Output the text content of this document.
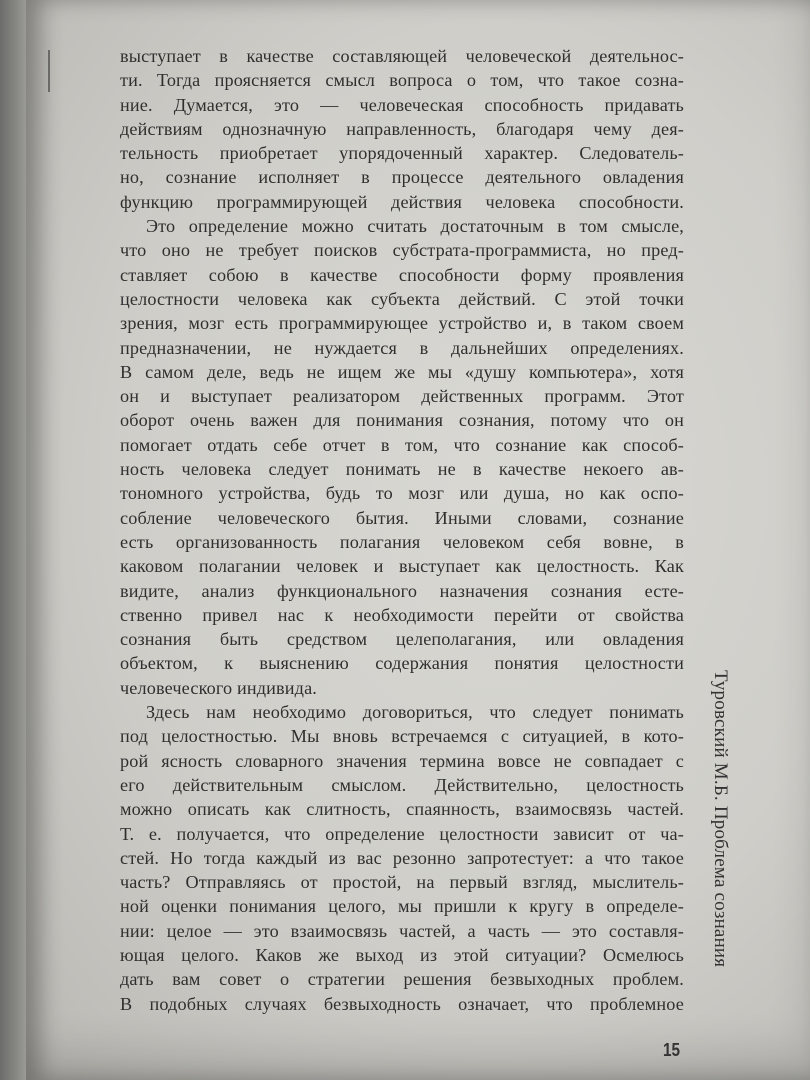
выступает в качестве составляющей человеческой деятельнос-
ти. Тогда проясняется смысл вопроса о том, что такое созна-
ние. Думается, это — человеческая способность придавать
действиям однозначную направленность, благодаря чему дея-
тельность приобретает упорядоченный характер. Следователь-
но, сознание исполняет в процессе деятельного овладения
функцию программирующей действия человека способности.
Это определение можно считать достаточным в том смысле,
что оно не требует поисков субстрата-программиста, но пред-
ставляет собою в качестве способности форму проявления
целостности человека как субъекта действий. С этой точки
зрения, мозг есть программирующее устройство и, в таком своем
предназначении, не нуждается в дальнейших определениях.
В самом деле, ведь не ищем же мы «душу компьютера», хотя
он и выступает реализатором действенных программ. Этот
оборот очень важен для понимания сознания, потому что он
помогает отдать себе отчет в том, что сознание как способ-
ность человека следует понимать не в качестве некоего ав-
тономного устройства, будь то мозг или душа, но как оспо-
собление человеческого бытия. Иными словами, сознание
есть организованность полагания человеком себя вовне, в
каковом полагании человек и выступает как целостность. Как
видите, анализ функционального назначения сознания есте-
ственно привел нас к необходимости перейти от свойства
сознания быть средством целеполагания, или овладения
объектом, к выяснению содержания понятия целостности
человеческого индивида.
Здесь нам необходимо договориться, что следует понимать
под целостностью. Мы вновь встречаемся с ситуацией, в кото-
рой ясность словарного значения термина вовсе не совпадает с
его действительным смыслом. Действительно, целостность
можно описать как слитность, спаянность, взаимосвязь частей.
Т. е. получается, что определение целостности зависит от ча-
стей. Но тогда каждый из вас резонно запротестует: а что такое
часть? Отправляясь от простой, на первый взгляд, мыслитель-
ной оценки понимания целого, мы пришли к кругу в определе-
нии: целое — это взаимосвязь частей, а часть — это составля-
ющая целого. Каков же выход из этой ситуации? Осмелюсь
дать вам совет о стратегии решения безвыходных проблем.
В подобных случаях безвыходность означает, что проблемное
Туровский М.Б. Проблема сознания
15
